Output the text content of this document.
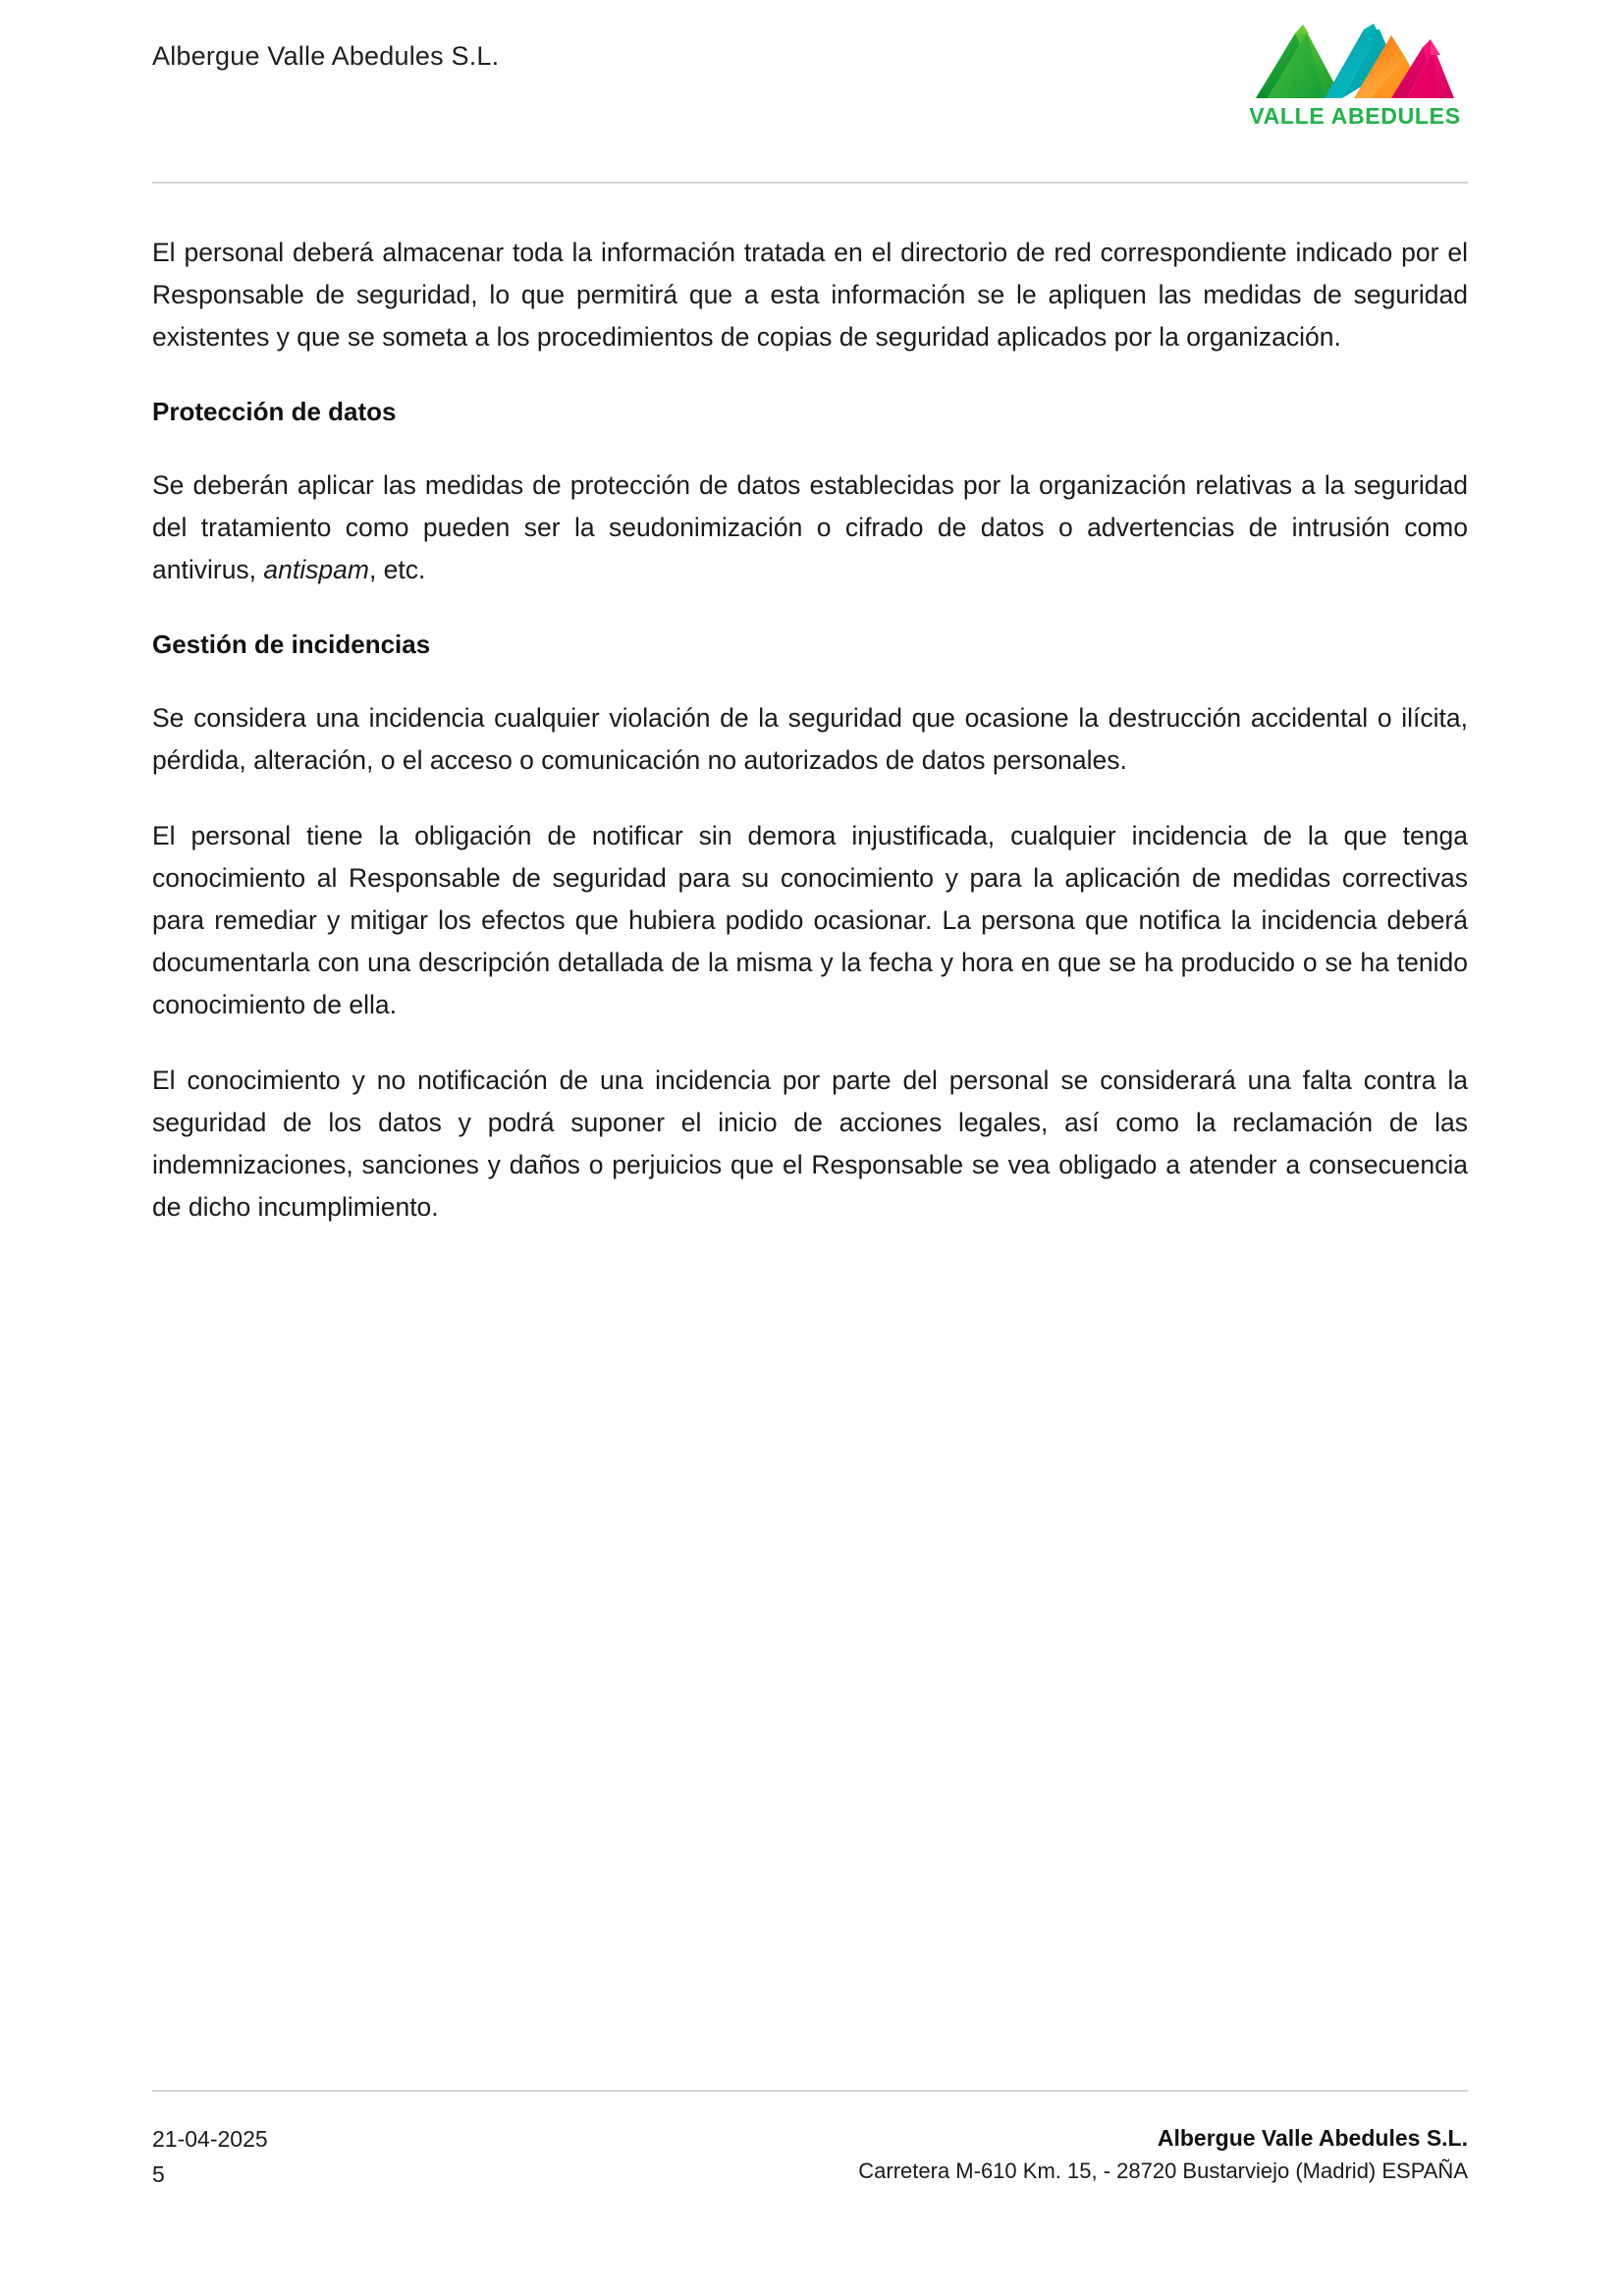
Albergue Valle Abedules S.L.
VALLE ABEDULES

El personal deberá almacenar toda la información tratada en el directorio de red correspondiente indicado por el Responsable de seguridad, lo que permitirá que a esta información se le apliquen las medidas de seguridad existentes y que se someta a los procedimientos de copias de seguridad aplicados por la organización.

Protección de datos

Se deberán aplicar las medidas de protección de datos establecidas por la organización relativas a la seguridad del tratamiento como pueden ser la seudonimización o cifrado de datos o advertencias de intrusión como antivirus, antispam, etc.

Gestión de incidencias

Se considera una incidencia cualquier violación de la seguridad que ocasione la destrucción accidental o ilícita, pérdida, alteración, o el acceso o comunicación no autorizados de datos personales.

El personal tiene la obligación de notificar sin demora injustificada, cualquier incidencia de la que tenga conocimiento al Responsable de seguridad para su conocimiento y para la aplicación de medidas correctivas para remediar y mitigar los efectos que hubiera podido ocasionar. La persona que notifica la incidencia deberá documentarla con una descripción detallada de la misma y la fecha y hora en que se ha producido o se ha tenido conocimiento de ella.

El conocimiento y no notificación de una incidencia por parte del personal se considerará una falta contra la seguridad de los datos y podrá suponer el inicio de acciones legales, así como la reclamación de las indemnizaciones, sanciones y daños o perjuicios que el Responsable se vea obligado a atender a consecuencia de dicho incumplimiento.

21-04-2025
5
Albergue Valle Abedules S.L.
Carretera M-610 Km. 15, - 28720 Bustarviejo (Madrid) ESPAÑA
